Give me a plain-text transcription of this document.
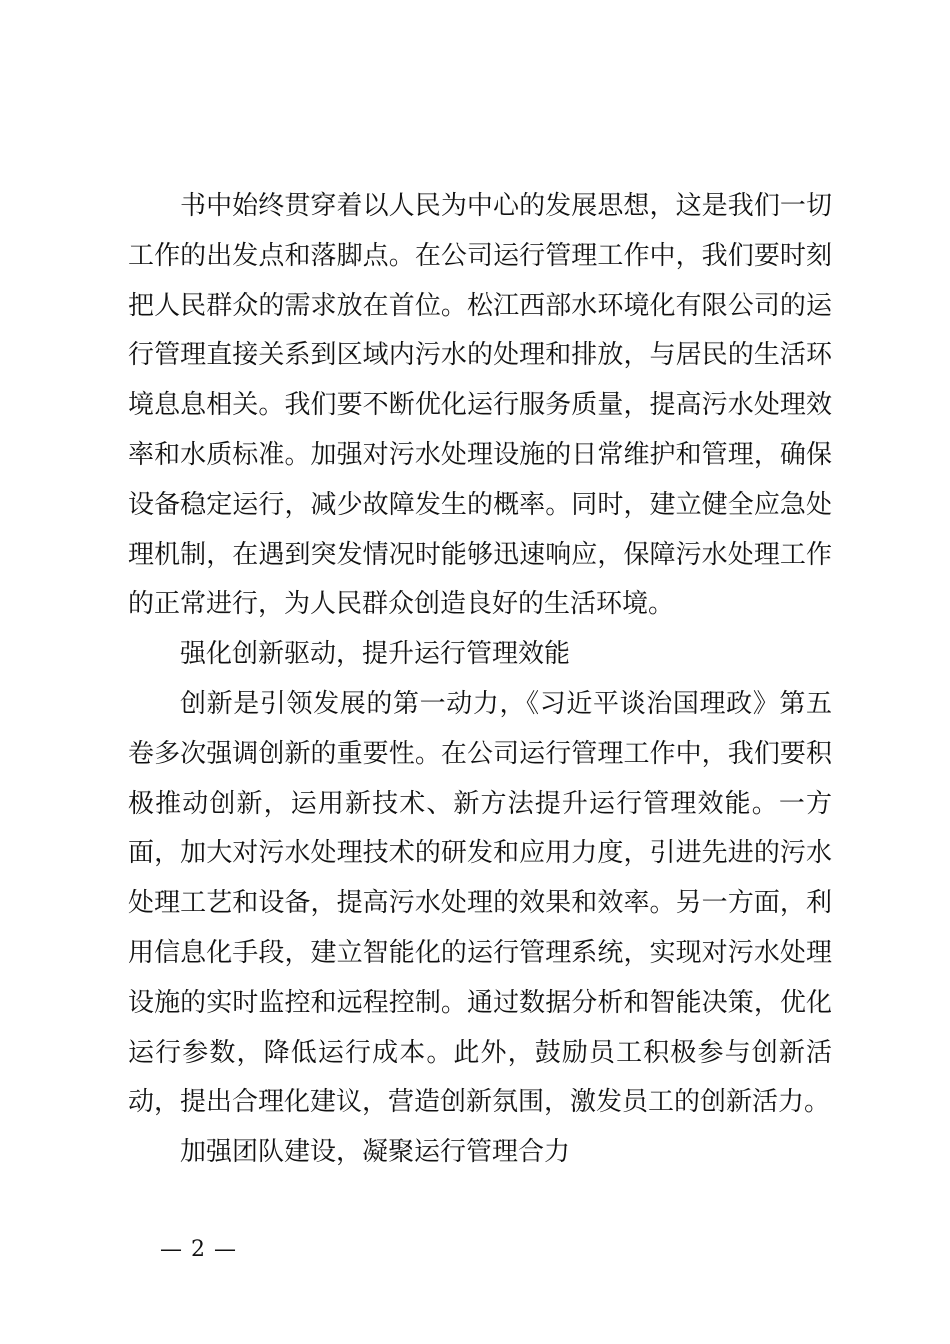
书中始终贯穿着以人民为中心的发展思想，这是我们一切工作的出发点和落脚点。在公司运行管理工作中，我们要时刻把人民群众的需求放在首位。松江西部水环境化有限公司的运行管理直接关系到区域内污水的处理和排放，与居民的生活环境息息相关。我们要不断优化运行服务质量，提高污水处理效率和水质标准。加强对污水处理设施的日常维护和管理，确保设备稳定运行，减少故障发生的概率。同时，建立健全应急处理机制，在遇到突发情况时能够迅速响应，保障污水处理工作的正常进行，为人民群众创造良好的生活环境。

强化创新驱动，提升运行管理效能

创新是引领发展的第一动力，《习近平谈治国理政》第五卷多次强调创新的重要性。在公司运行管理工作中，我们要积极推动创新，运用新技术、新方法提升运行管理效能。一方面，加大对污水处理技术的研发和应用力度，引进先进的污水处理工艺和设备，提高污水处理的效果和效率。另一方面，利用信息化手段，建立智能化的运行管理系统，实现对污水处理设施的实时监控和远程控制。通过数据分析和智能决策，优化运行参数，降低运行成本。此外，鼓励员工积极参与创新活动，提出合理化建议，营造创新氛围，激发员工的创新活力。

加强团队建设，凝聚运行管理合力

— 2 —
